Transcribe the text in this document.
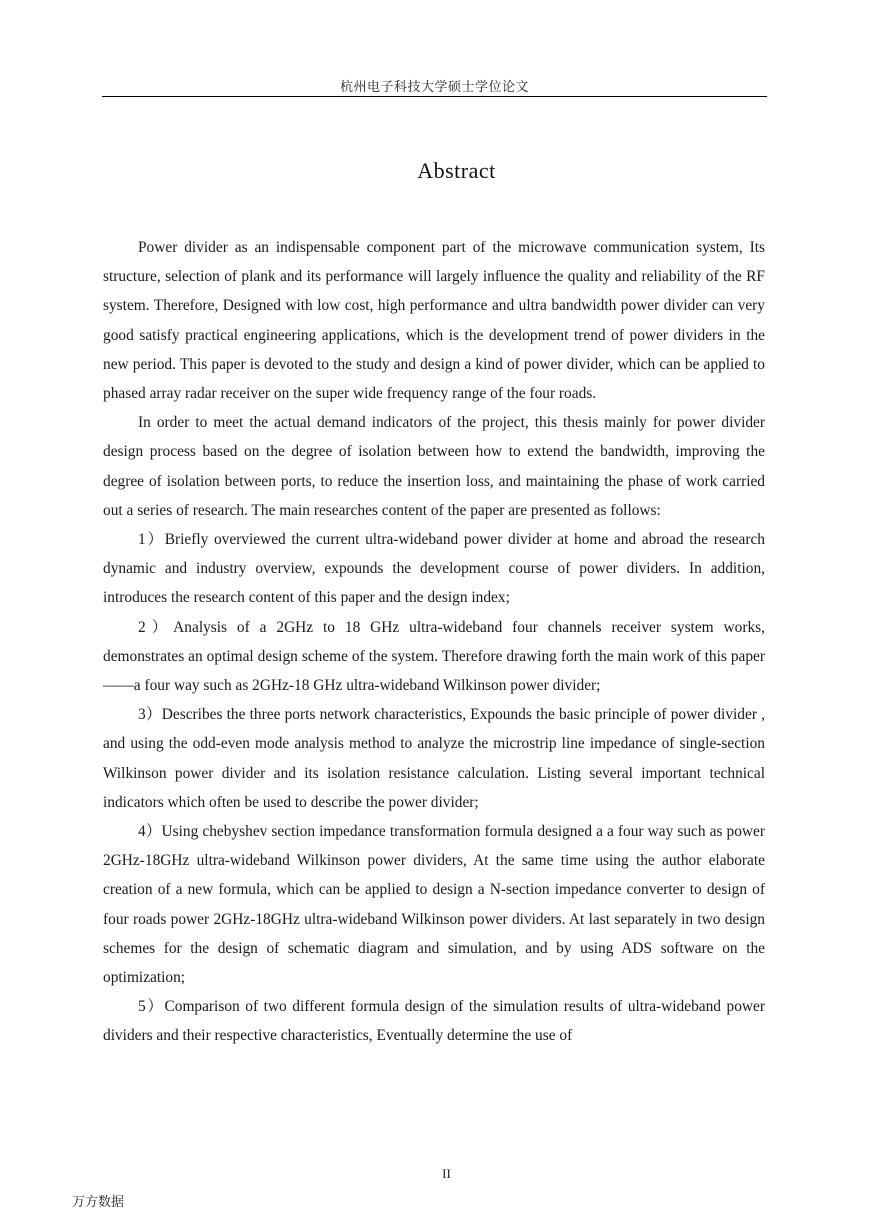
杭州电子科技大学硕士学位论文
Abstract

Power divider as an indispensable component part of the microwave communication system, Its structure, selection of plank and its performance will largely influence the quality and reliability of the RF system. Therefore, Designed with low cost, high performance and ultra bandwidth power divider can very good satisfy practical engineering applications, which is the development trend of power dividers in the new period. This paper is devoted to the study and design a kind of power divider, which can be applied to phased array radar receiver on the super wide frequency range of the four roads.

In order to meet the actual demand indicators of the project, this thesis mainly for power divider design process based on the degree of isolation between how to extend the bandwidth, improving the degree of isolation between ports, to reduce the insertion loss, and maintaining the phase of work carried out a series of research. The main researches content of the paper are presented as follows:

1）Briefly overviewed the current ultra-wideband power divider at home and abroad the research dynamic and industry overview, expounds the development course of power dividers. In addition, introduces the research content of this paper and the design index;

2）Analysis of a 2GHz to 18 GHz ultra-wideband four channels receiver system works, demonstrates an optimal design scheme of the system. Therefore drawing forth the main work of this paper ——a four way such as 2GHz-18 GHz ultra-wideband Wilkinson power divider;

3）Describes the three ports network characteristics, Expounds the basic principle of power divider , and using the odd-even mode analysis method to analyze the microstrip line impedance of single-section Wilkinson power divider and its isolation resistance calculation. Listing several important technical indicators which often be used to describe the power divider;

4）Using chebyshev section impedance transformation formula designed a a four way such as power 2GHz-18GHz ultra-wideband Wilkinson power dividers, At the same time using the author elaborate creation of a new formula, which can be applied to design a N-section impedance converter to design of four roads power 2GHz-18GHz ultra-wideband Wilkinson power dividers. At last separately in two design schemes for the design of schematic diagram and simulation, and by using ADS software on the optimization;

5）Comparison of two different formula design of the simulation results of ultra-wideband power dividers and their respective characteristics, Eventually determine the use of

II
万方数据
